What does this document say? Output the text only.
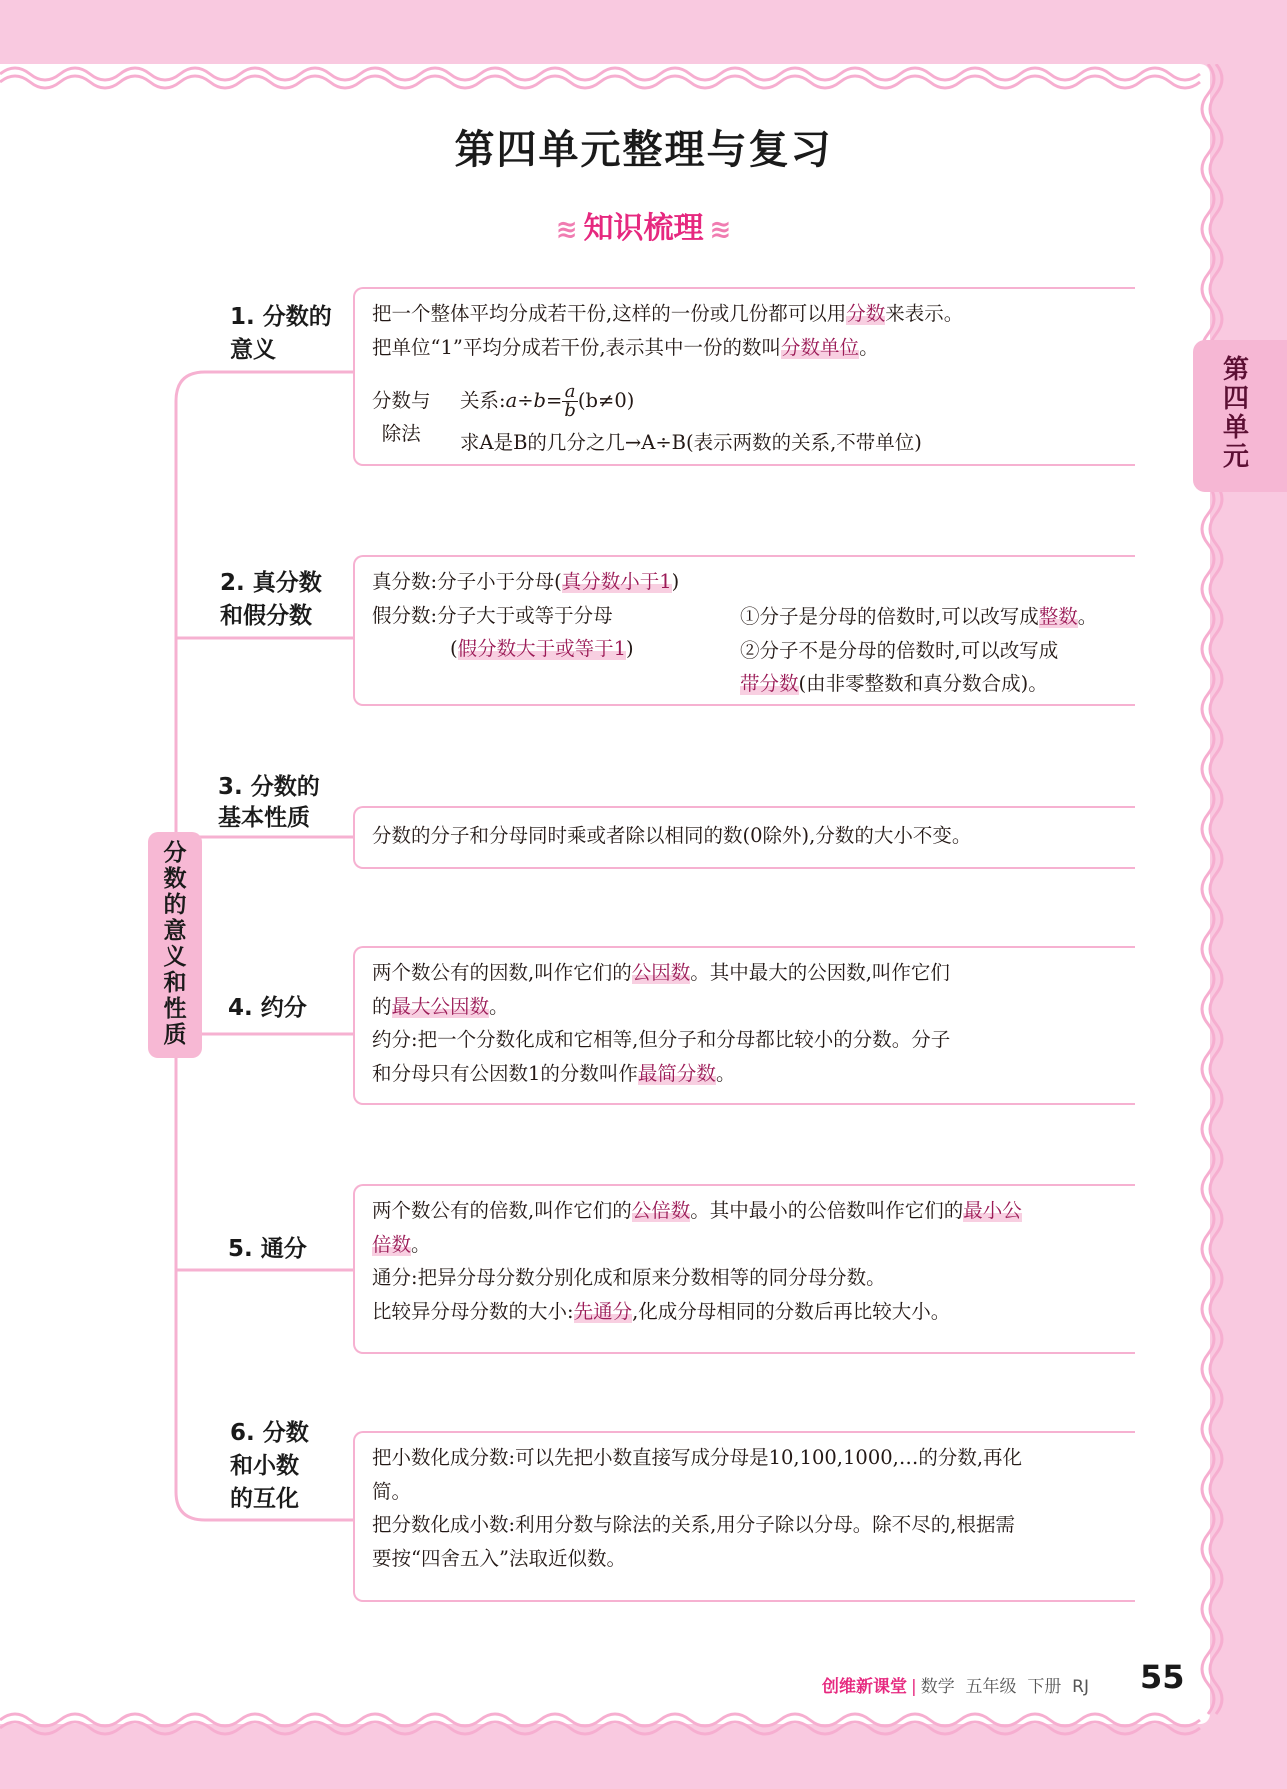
第四单元整理与复习
≋ 知识梳理 ≋
第
四
单
元
分
数
的
意
义
和
性
质
1. 分数的
意义

把一个整体平均分成若干份,这样的一份或几份都可以用分数来表示。

把单位“1”平均分成若干份,表示其中一份的数叫分数单位。

分数与
除法
关系:a÷b= $\frac{a}{b} (b\ne 0)$
求A是B的几分之几→A÷B(表示两数的关系,不带单位)
2. 真分数
和假分数

真分数:分子小于分母(真分数小于1)

假分数:分子大于或等于分母

(假分数大于或等于1)

①分子是分母的倍数时,可以改写成整数。
②分子不是分母的倍数时,可以改写成
带分数(由非零整数和真分数合成)。
3. 分数的
基本性质

分数的分子和分母同时乘或者除以相同的数(0除外),分数的大小不变。

4. 约分

两个数公有的因数,叫作它们的公因数。其中最大的公因数,叫作它们

的最大公因数。

约分:把一个分数化成和它相等,但分子和分母都比较小的分数。分子

和分母只有公因数1的分数叫作最简分数。

5. 通分

两个数公有的倍数,叫作它们的公倍数。其中最小的公倍数叫作它们的最小公

倍数。

通分:把异分母分数分别化成和原来分数相等的同分母分数。

比较异分母分数的大小:先通分,化成分母相同的分数后再比较大小。

6. 分数
和小数
的互化

把小数化成分数:可以先把小数直接写成分母是10,100,1000,…的分数,再化

简。

把分数化成小数:利用分数与除法的关系,用分子除以分母。除不尽的,根据需

要按“四舍五入”法取近似数。

创维新课堂 | 数学  五年级  下册  RJ 55
